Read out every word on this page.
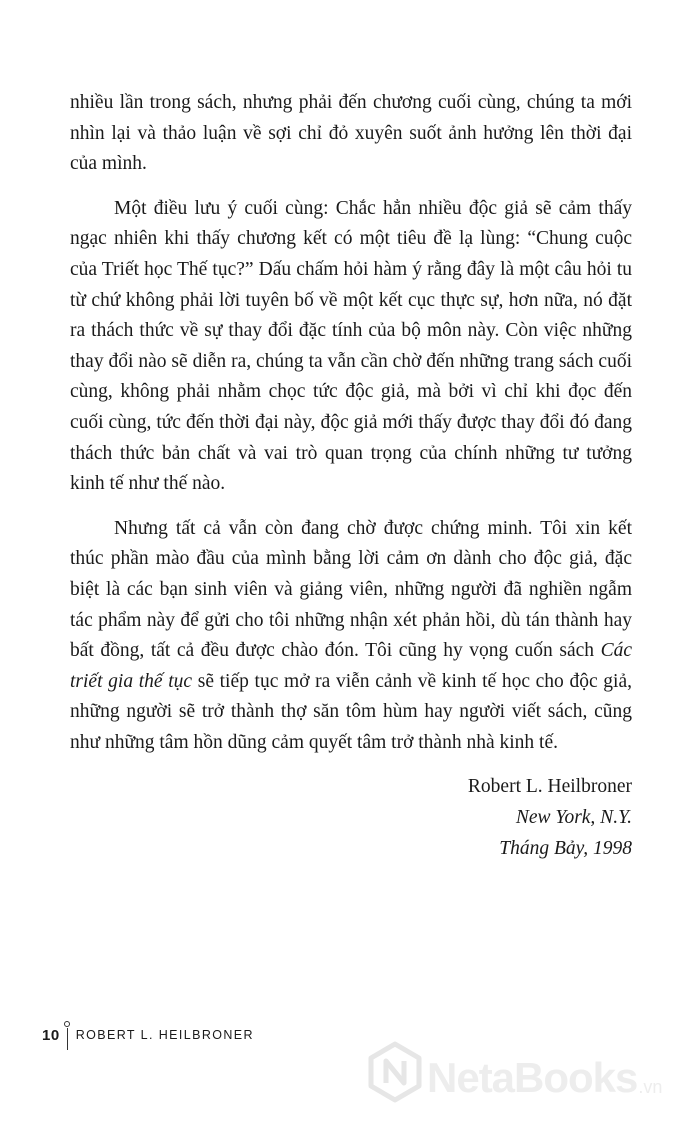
nhiều lần trong sách, nhưng phải đến chương cuối cùng, chúng ta mới nhìn lại và thảo luận về sợi chỉ đỏ xuyên suốt ảnh hưởng lên thời đại của mình.

Một điều lưu ý cuối cùng: Chắc hẳn nhiều độc giả sẽ cảm thấy ngạc nhiên khi thấy chương kết có một tiêu đề lạ lùng: “Chung cuộc của Triết học Thế tục?” Dấu chấm hỏi hàm ý rằng đây là một câu hỏi tu từ chứ không phải lời tuyên bố về một kết cục thực sự, hơn nữa, nó đặt ra thách thức về sự thay đổi đặc tính của bộ môn này. Còn việc những thay đổi nào sẽ diễn ra, chúng ta vẫn cần chờ đến những trang sách cuối cùng, không phải nhằm chọc tức độc giả, mà bởi vì chỉ khi đọc đến cuối cùng, tức đến thời đại này, độc giả mới thấy được thay đổi đó đang thách thức bản chất và vai trò quan trọng của chính những tư tưởng kinh tế như thế nào.

Nhưng tất cả vẫn còn đang chờ được chứng minh. Tôi xin kết thúc phần mào đầu của mình bằng lời cảm ơn dành cho độc giả, đặc biệt là các bạn sinh viên và giảng viên, những người đã nghiền ngẫm tác phẩm này để gửi cho tôi những nhận xét phản hồi, dù tán thành hay bất đồng, tất cả đều được chào đón. Tôi cũng hy vọng cuốn sách Các triết gia thế tục sẽ tiếp tục mở ra viễn cảnh về kinh tế học cho độc giả, những người sẽ trở thành thợ săn tôm hùm hay người viết sách, cũng như những tâm hồn dũng cảm quyết tâm trở thành nhà kinh tế.

Robert L. Heilbroner
New York, N.Y.
Tháng Bảy, 1998
10 ROBERT L. HEILBRONER
NetaBooks .vn
